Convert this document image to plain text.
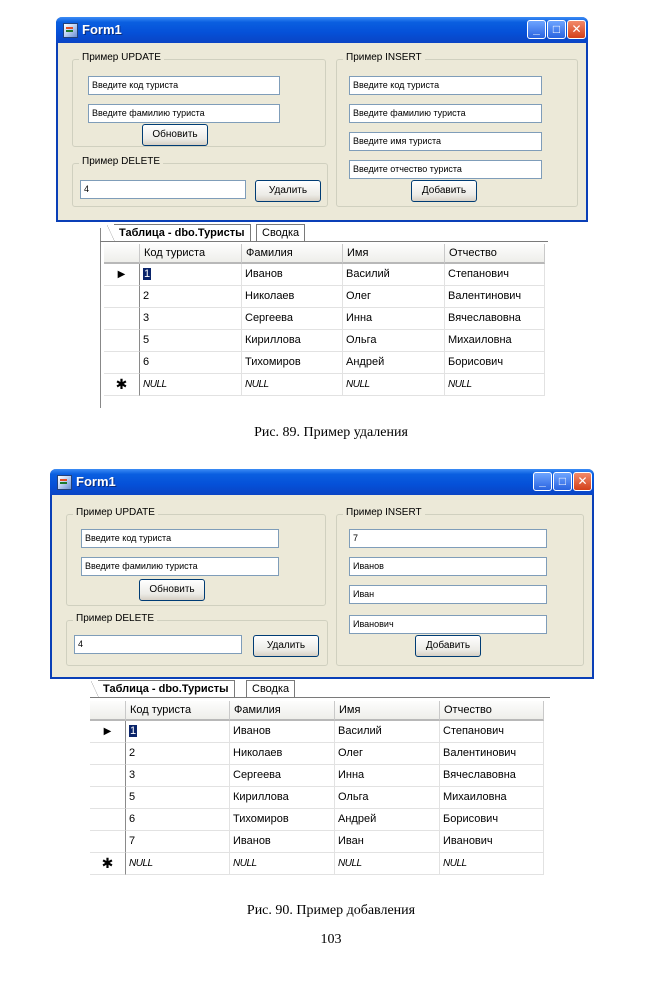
Form1	_	□ ✕
Пример UPDATE
Введите код туриста
Введите фамилию туриста
Обновить
Пример DELETE
4	Удалить
Пример INSERT
Введите код туриста
Введите фамилию туриста
Введите имя туриста
Введите отчество туриста
Добавить
Таблица - dbo.Туристы	Сводка
Код туриста	Фамилия	Имя	Отчество
▶	1	Иванов	Василий	Степанович
2	Николаев	Олег	Валентинович
3	Сергеева	Инна	Вячеславовна
5	Кириллова	Ольга	Михаиловна
6	Тихомиров	Андрей	Борисович
✱	NULL	NULL	NULL	NULL
Рис. 89. Пример удаления
Form1	_	□ ✕
Пример UPDATE
Введите код туриста
Введите фамилию туриста
Обновить
Пример DELETE
4	Удалить
Пример INSERT
7
Иванов
Иван
Иванович
Добавить
Таблица - dbo.Туристы	Сводка
Код туриста	Фамилия	Имя	Отчество
▶	1	Иванов	Василий	Степанович
2	Николаев	Олег	Валентинович
3	Сергеева	Инна	Вячеславовна
5	Кириллова	Ольга	Михаиловна
6	Тихомиров	Андрей	Борисович
7	Иванов	Иван	Иванович
✱	NULL	NULL	NULL	NULL
Рис. 90. Пример добавления
103
